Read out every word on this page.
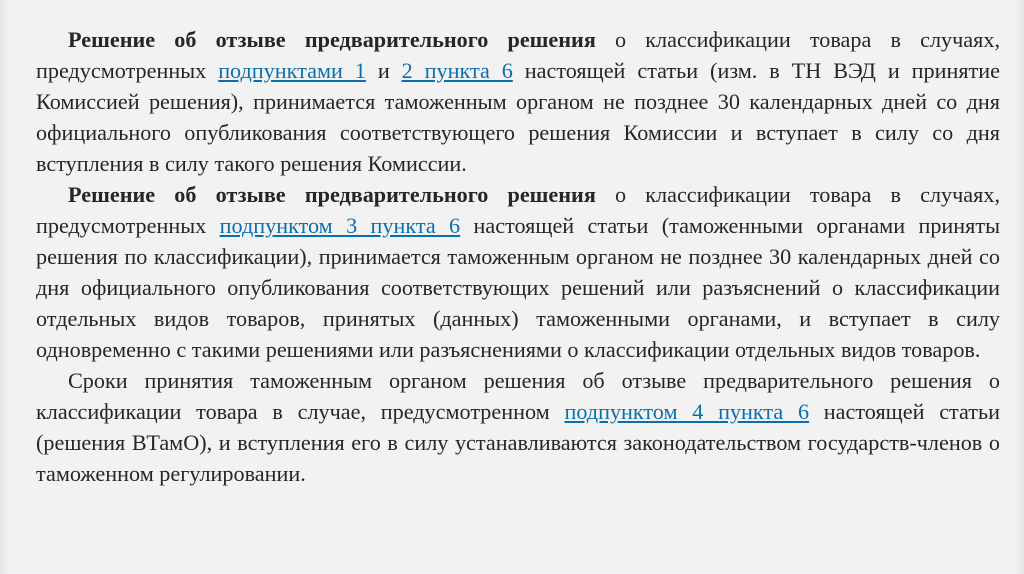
Решение об отзыве предварительного решения о классификации товара в случаях, предусмотренных подпунктами 1 и 2 пункта 6 настоящей статьи (изм. в ТН ВЭД и принятие Комиссией решения), принимается таможенным органом не позднее 30 календарных дней со дня официального опубликования соответствующего решения Комиссии и вступает в силу со дня вступления в силу такого решения Комиссии.

Решение об отзыве предварительного решения о классификации товара в случаях, предусмотренных подпунктом 3 пункта 6 настоящей статьи (таможенными органами приняты решения по классификации), принимается таможенным органом не позднее 30 календарных дней со дня официального опубликования соответствующих решений или разъяснений о классификации отдельных видов товаров, принятых (данных) таможенными органами, и вступает в силу одновременно с такими решениями или разъяснениями о классификации отдельных видов товаров.

Сроки принятия таможенным органом решения об отзыве предварительного решения о классификации товара в случае, предусмотренном подпунктом 4 пункта 6 настоящей статьи (решения ВТамО), и вступления его в силу устанавливаются законодательством государств-членов о таможенном регулировании.
